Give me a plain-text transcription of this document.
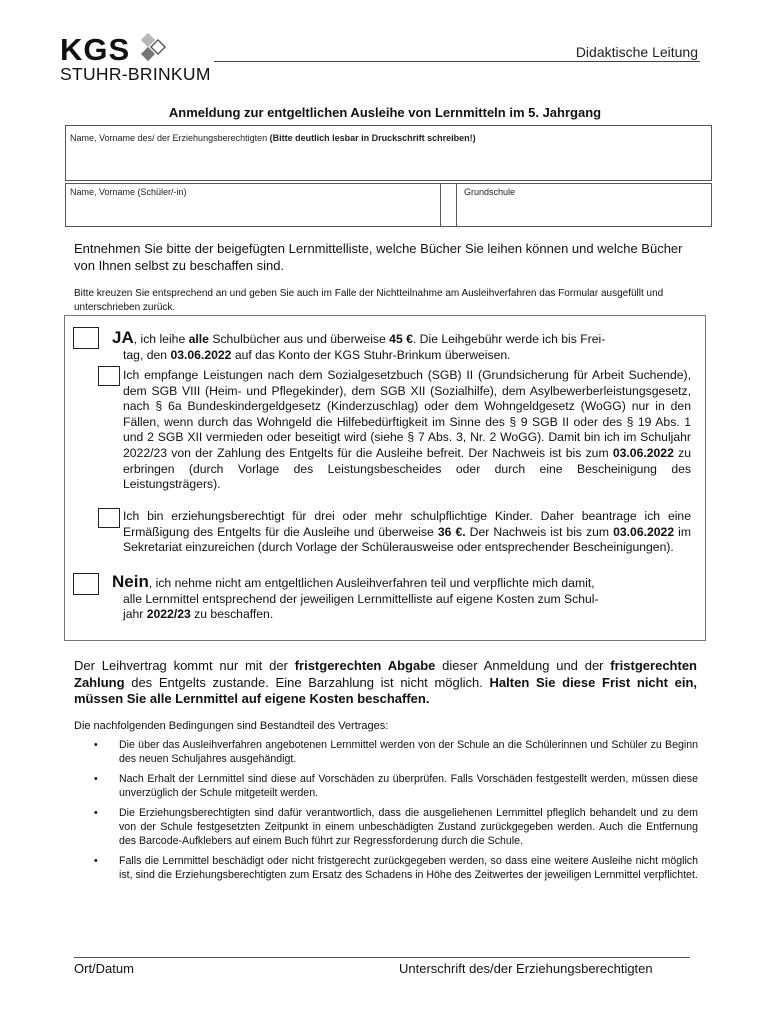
KGS
STUHR-BRINKUM
Didaktische Leitung
Anmeldung zur entgeltlichen Ausleihe von Lernmitteln im 5. Jahrgang
Name, Vorname des/ der Erziehungsberechtigten (Bitte deutlich lesbar in Druckschrift schreiben!)
Name, Vorname (Schüler/-in)	Grundschule
Entnehmen Sie bitte der beigefügten Lernmittelliste, welche Bücher Sie leihen können und welche Bücher von Ihnen selbst zu beschaffen sind.
Bitte kreuzen Sie entsprechend an und geben Sie auch im Falle der Nichtteilnahme am Ausleihverfahren das Formular ausgefüllt und unterschrieben zurück.
JA, ich leihe alle Schulbücher aus und überweise 45 €. Die Leihgebühr werde ich bis Frei-
tag, den 03.06.2022 auf das Konto der KGS Stuhr-Brinkum überweisen.
Ich empfange Leistungen nach dem Sozialgesetzbuch (SGB) II (Grundsicherung für Arbeit Suchende), dem SGB VIII (Heim- und Pflegekinder), dem SGB XII (Sozialhilfe), dem Asylbewerberleistungsgesetz, nach § 6a Bundeskindergeldgesetz (Kinderzuschlag) oder dem Wohngeldgesetz (WoGG) nur in den Fällen, wenn durch das Wohngeld die Hilfebedürftigkeit im Sinne des § 9 SGB II oder des § 19 Abs. 1 und 2 SGB XII vermieden oder beseitigt wird (siehe § 7 Abs. 3, Nr. 2 WoGG). Damit bin ich im Schuljahr 2022/23 von der Zahlung des Entgelts für die Ausleihe befreit. Der Nachweis ist bis zum 03.06.2022 zu erbringen (durch Vorlage des Leistungsbescheides oder durch eine Bescheinigung des Leistungsträgers).
Ich bin erziehungsberechtigt für drei oder mehr schulpflichtige Kinder. Daher beantrage ich eine Ermäßigung des Entgelts für die Ausleihe und überweise 36 €. Der Nachweis ist bis zum 03.06.2022 im Sekretariat einzureichen (durch Vorlage der Schülerausweise oder entsprechender Bescheinigungen).
Nein, ich nehme nicht am entgeltlichen Ausleihverfahren teil und verpflichte mich damit,
alle Lernmittel entsprechend der jeweiligen Lernmittelliste auf eigene Kosten zum Schul-
jahr 2022/23 zu beschaffen.
Der Leihvertrag kommt nur mit der fristgerechten Abgabe dieser Anmeldung und der fristgerechten Zahlung des Entgelts zustande. Eine Barzahlung ist nicht möglich. Halten Sie diese Frist nicht ein, müssen Sie alle Lernmittel auf eigene Kosten beschaffen.
Die nachfolgenden Bedingungen sind Bestandteil des Vertrages:
• Die über das Ausleihverfahren angebotenen Lernmittel werden von der Schule an die Schülerinnen und Schüler zu Beginn des neuen Schuljahres ausgehändigt.
• Nach Erhalt der Lernmittel sind diese auf Vorschäden zu überprüfen. Falls Vorschäden festgestellt werden, müssen diese unverzüglich der Schule mitgeteilt werden.
• Die Erziehungsberechtigten sind dafür verantwortlich, dass die ausgeliehenen Lernmittel pfleglich behandelt und zu dem von der Schule festgesetzten Zeitpunkt in einem unbeschädigten Zustand zurückgegeben werden. Auch die Entfernung des Barcode-Aufklebers auf einem Buch führt zur Regressforderung durch die Schule.
• Falls die Lernmittel beschädigt oder nicht fristgerecht zurückgegeben werden, so dass eine weitere Ausleihe nicht möglich ist, sind die Erziehungsberechtigten zum Ersatz des Schadens in Höhe des Zeitwertes der jeweiligen Lernmittel verpflichtet.
Ort/Datum	Unterschrift des/der Erziehungsberechtigten
